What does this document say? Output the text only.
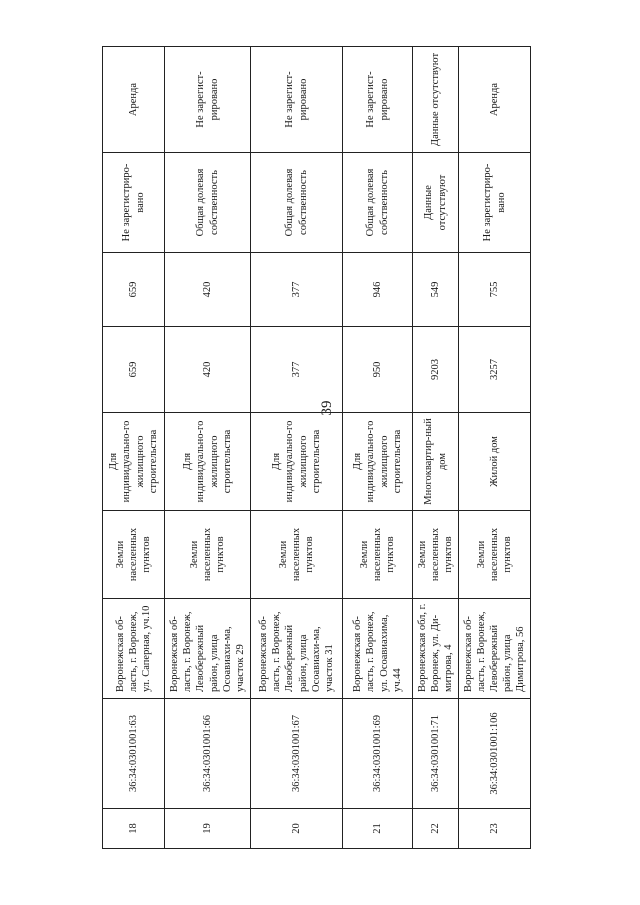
39
18	36:34:0301001:63	Воронежская об-ласть, г. Воронеж, ул. Саперная, уч.10	Земли населенных пунктов	Для индивидуально-го жилищного строительства	659	659	Не зарегистриро-вано	Аренда
19	36:34:0301001:66	Воронежская об-ласть, г. Воронеж, Левобережный район, улица Осоавиахи-ма, участок 29	Земли населенных пунктов	Для индивидуально-го жилищного строительства	420	420	Общая долевая собственность	Не зарегист-рировано
20	36:34:0301001:67	Воронежская об-ласть, г. Воронеж, Левобережный район, улица Осоавиахи-ма, участок 31	Земли населенных пунктов	Для индивидуально-го жилищного строительства	377	377	Общая долевая собственность	Не зарегист-рировано
21	36:34:0301001:69	Воронежская об-ласть, г. Воронеж, ул. Осоавиахима, уч.44	Земли населенных пунктов	Для индивидуально-го жилищного строительства	950	946	Общая долевая собственность	Не зарегист-рировано
22	36:34:0301001:71	Воронежская обл, г. Воронеж, ул. Ди-митрова, 4	Земли населенных пунктов	Многоквартир-ный дом	9203	549	Данные отсутствуют	Данные отсутствуют
23	36:34:0301001:106	Воронежская об-ласть, г. Воронеж, Левобережный район, улица Димитрова, 56	Земли населенных пунктов	Жилой дом	3257	755	Не зарегистриро-вано	Аренда
